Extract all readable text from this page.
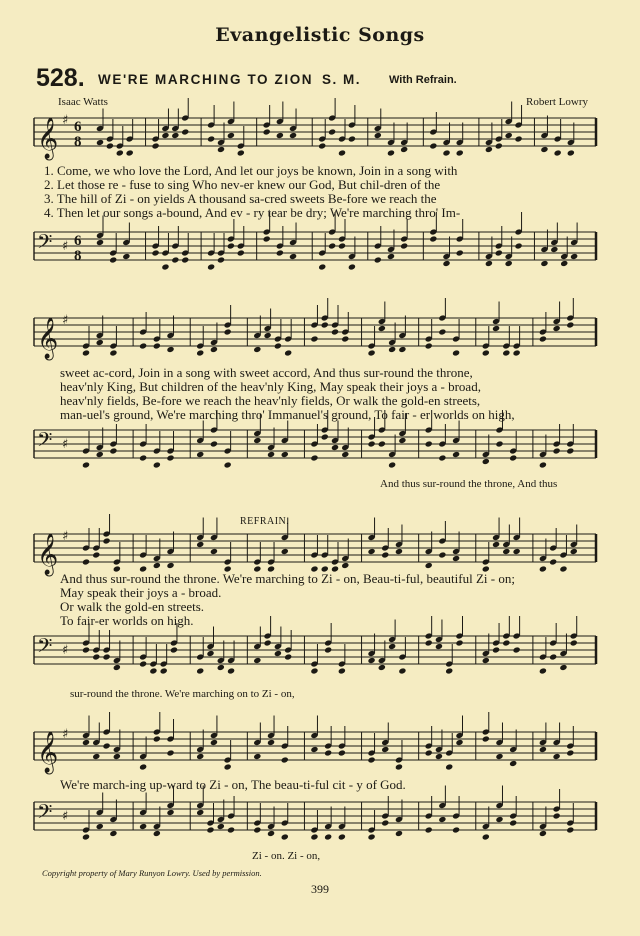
Evangelistic Songs
528. WE'RE MARCHING TO ZION S. M.	With Refrain.
Isaac Watts	Robert Lowry
𝄞 ♯ 6
8
1. Come, we who love the Lord, And let our joys be known, Join in a song with
2. Let those re - fuse to sing Who nev-er knew our God, But chil-dren of the
3. The hill of Zi - on yields A thousand sa-cred sweets Be-fore we reach the
4. Then let our songs a-bound, And ev - ry tear be dry; We're marching thro' Im-
𝄢 ♯ 6
8
𝄞 ♯
sweet ac-cord, Join in a song with sweet accord, And thus sur-round the throne,
heav'nly King, But children of the heav'nly King, May speak their joys a - broad,
heav'nly fields, Be-fore we reach the heav'nly fields, Or walk the gold-en streets,
man-uel's ground, We're marching thro' Immanuel's ground, To fair - er worlds on high,
𝄢 ♯
And thus sur-round the throne, And thus
REFRAIN.
𝄞 ♯
And thus sur-round the throne. We're marching to Zi - on, Beau-ti-ful, beautiful Zi - on;
May speak their joys a - broad.
Or walk the gold-en streets.
To fair-er worlds on high.
𝄢 ♯
sur-round the throne. We're marching on to Zi - on,
𝄞 ♯
We're march-ing up-ward to Zi - on, The beau-ti-ful cit - y of God.
𝄢 ♯
Zi - on. Zi - on,
Copyright property of Mary Runyon Lowry. Used by permission.
399
